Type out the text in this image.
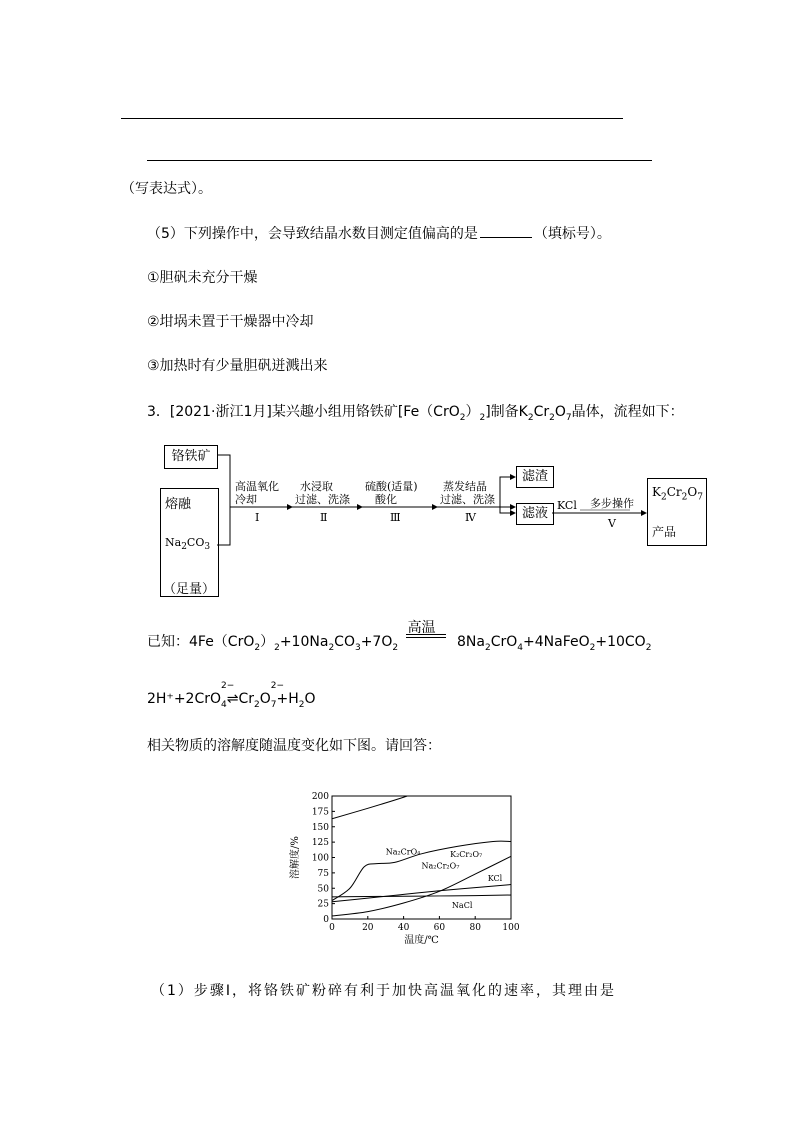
（写表达式）。
（5）下列操作中，会导致结晶水数目测定值偏高的是	（填标号）。
①胆矾未充分干燥
②坩埚未置于干燥器中冷却
③加热时有少量胆矾迸溅出来
3．[2021·浙江1月]某兴趣小组用铬铁矿$[Fe(CrO_2)_2]$制备$K_2Cr_2O_7$晶体，流程如下：
铬铁矿
熔融
$Na_2CO_3$
（足量）
高温氧化
冷却
Ⅰ
水浸取
过滤、洗涤
Ⅱ
硫酸(适量)
酸化
Ⅲ
蒸发结晶
过滤、洗涤
Ⅳ
滤渣
滤液
KCl 多步操作
Ⅴ
$K_2Cr_2O_7$
产品
已知：$4Fe(CrO_2)_2+10Na_2CO_3+7O_2$
高温
$8Na_2CrO_4+4NaFeO_2+10CO_2$
2H⁺+2CrO
2−
$_4\rightleftharpoons Cr_2O$
2−
$_7+H_2O$
相关物质的溶解度随温度变化如下图。请回答：
0	20	40	60	80 100
0
25
50
75
100
125
150
175
200
温度/℃
溶解度/%	Na₂Cr₂O₇
Na₂CrO₄	K₂Cr₂O₇
KCl
NaCl
（1）步骤Ⅰ，将铬铁矿粉碎有利于加快高温氧化的速率，其理由是
